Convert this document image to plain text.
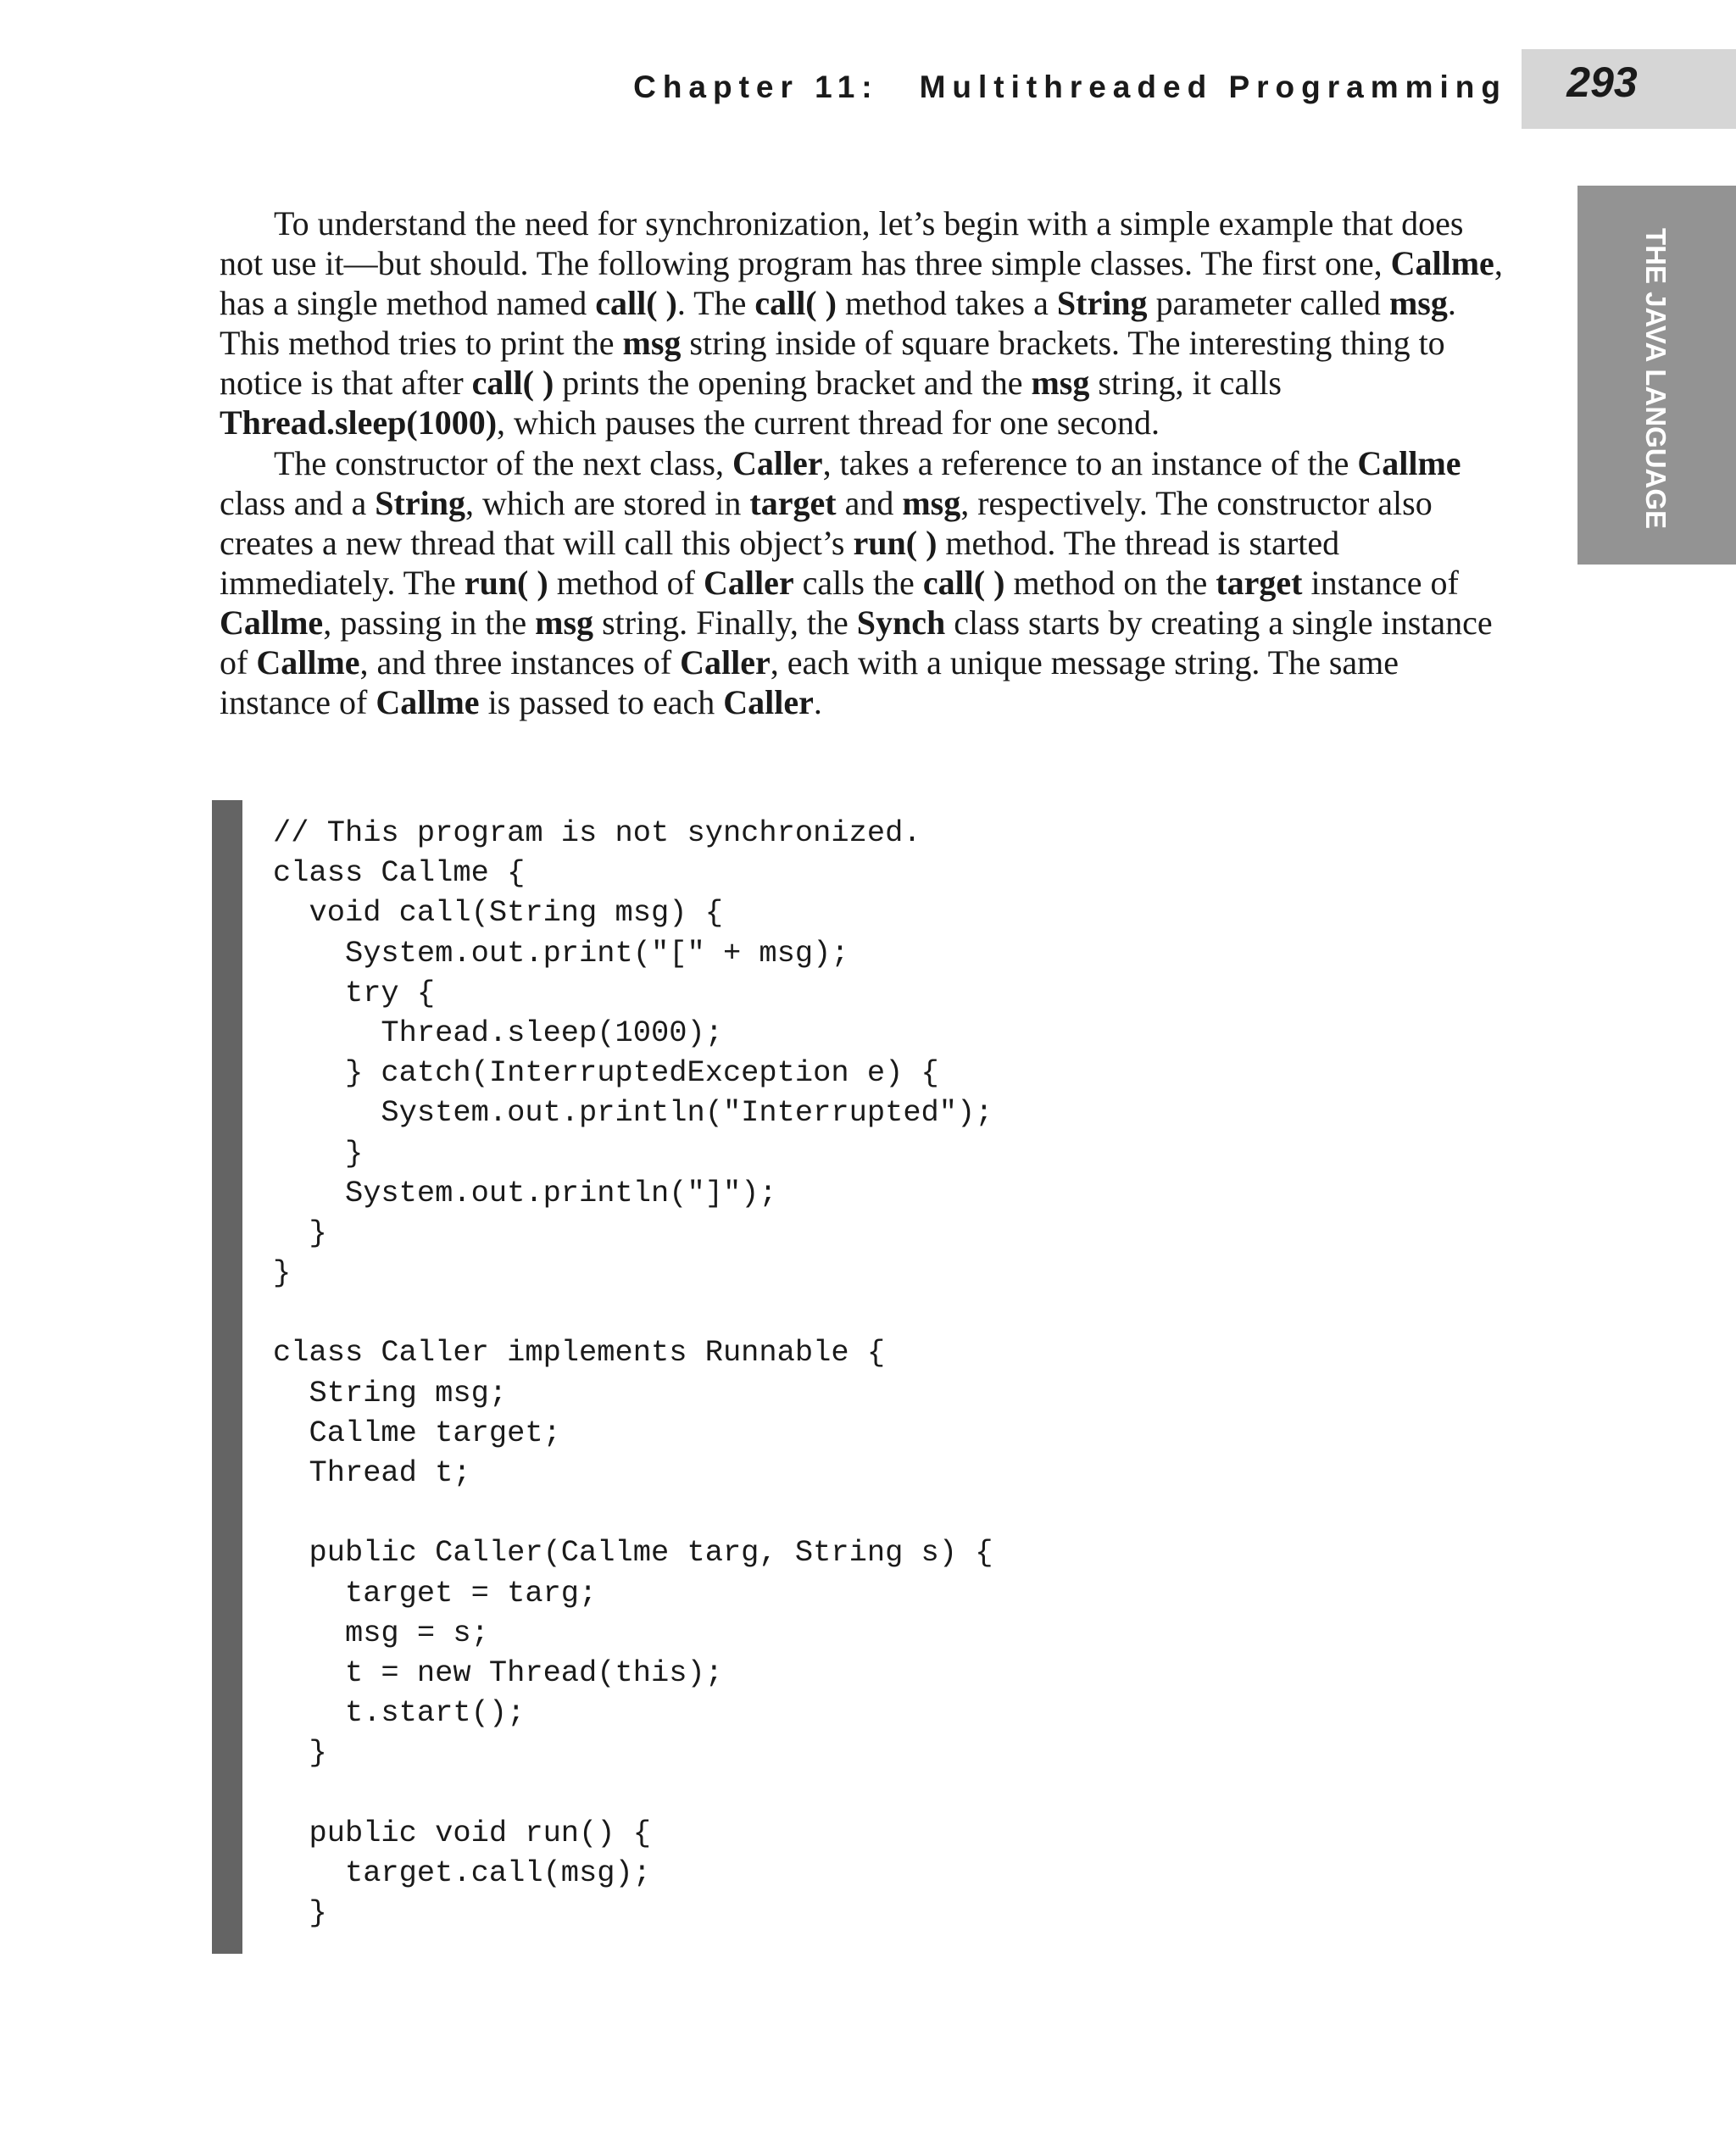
Chapter 11: Multithreaded Programming	293
THE JAVA LANGUAGE

To understand the need for synchronization, let’s begin with a simple example that does not use it—but should. The following program has three simple classes. The first one, Callme, has a single method named call( ). The call( ) method takes a String parameter called msg. This method tries to print the msg string inside of square brackets. The interesting thing to notice is that after call( ) prints the opening bracket and the msg string, it calls Thread.sleep(1000), which pauses the current thread for one second.

The constructor of the next class, Caller, takes a reference to an instance of the Callme class and a String, which are stored in target and msg, respectively. The constructor also creates a new thread that will call this object’s run( ) method. The thread is started immediately. The run( ) method of Caller calls the call( ) method on the target instance of Callme, passing in the msg string. Finally, the Synch class starts by creating a single instance of Callme, and three instances of Caller, each with a unique message string. The same instance of Callme is passed to each Caller.

// This program is not synchronized.
class Callme {
void call(String msg) {
System.out.print("[" + msg);
try {
Thread.sleep(1000);
} catch(InterruptedException e) {
System.out.println("Interrupted");
}
System.out.println("]");
}
}
class Caller implements Runnable {
String msg;
Callme target;
Thread t;
public Caller(Callme targ, String s) {
target = targ;
msg = s;
t = new Thread(this);
t.start();
}
public void run() {
target.call(msg);
}
